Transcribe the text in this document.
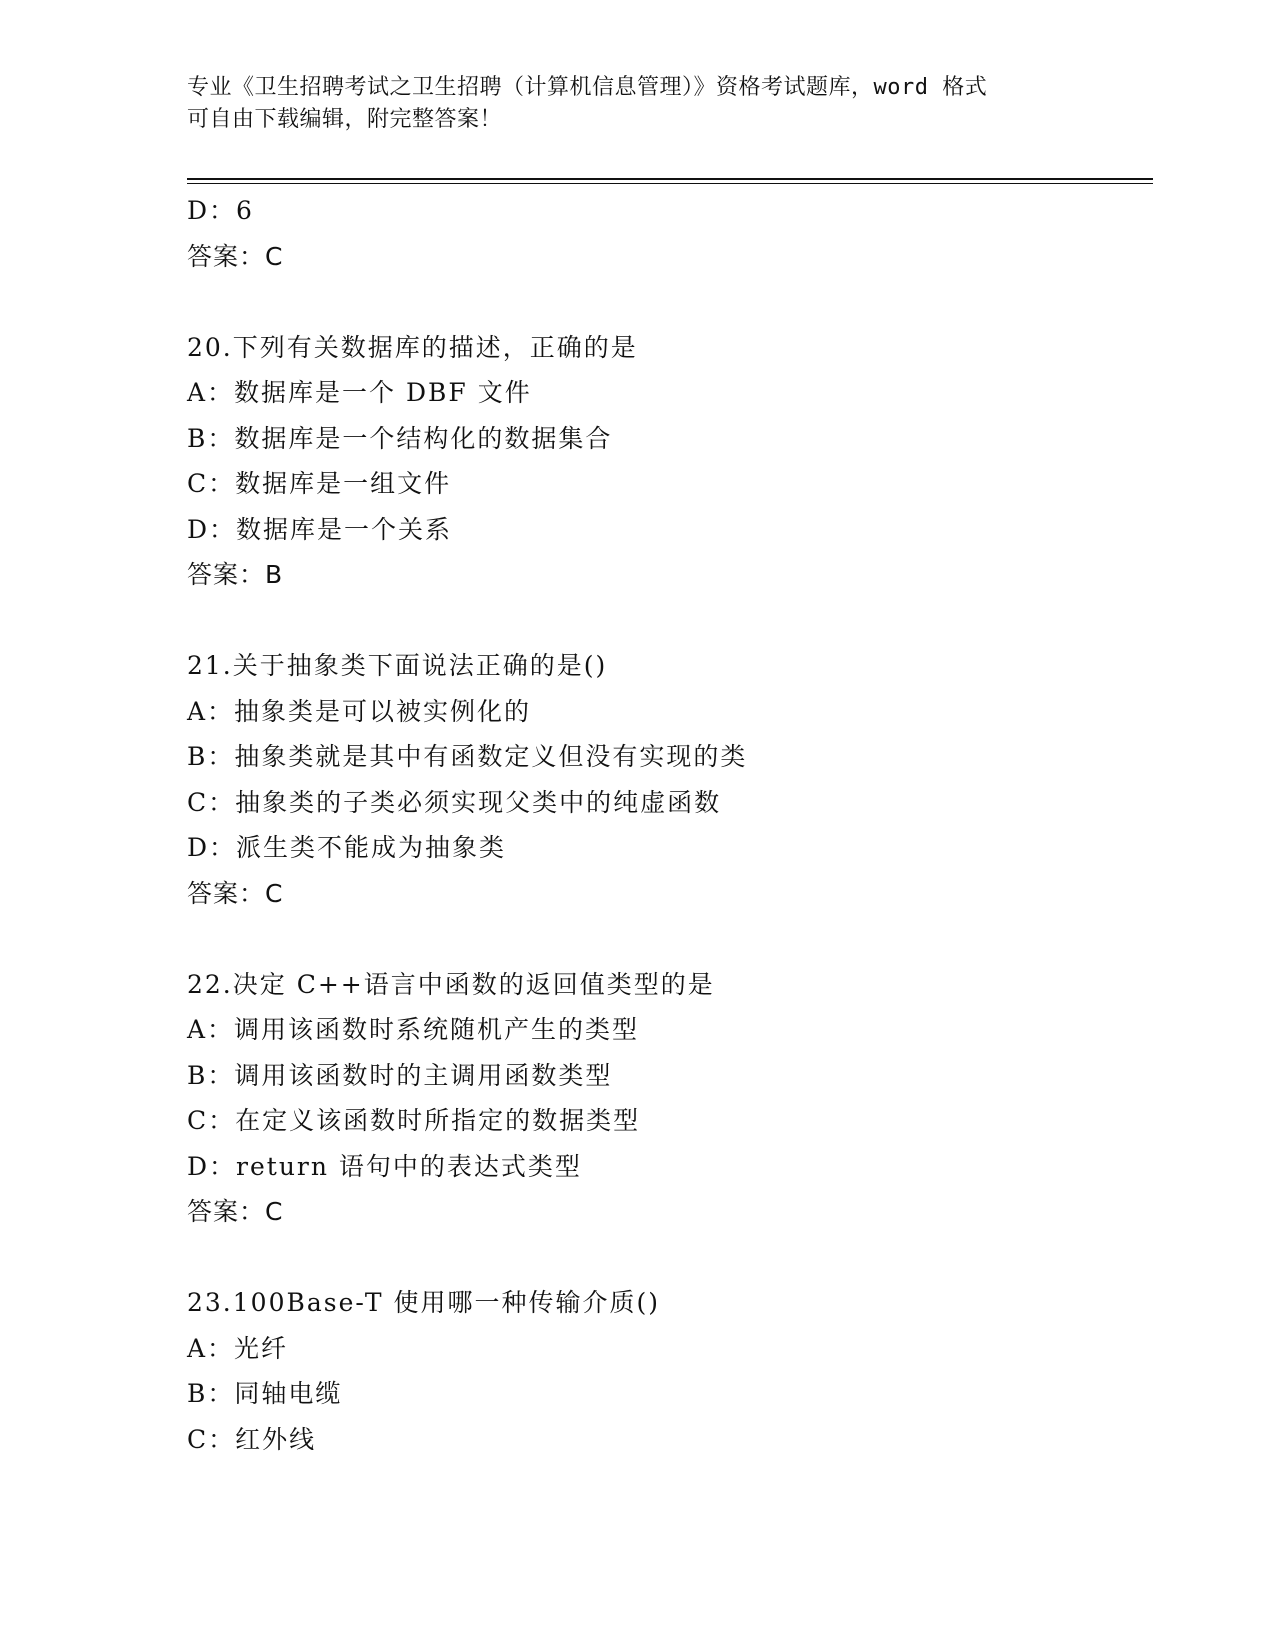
专业《卫生招聘考试之卫生招聘（计算机信息管理）》资格考试题库，word 格式
可自由下载编辑，附完整答案！
D：6
答案：C
20.下列有关数据库的描述，正确的是
A：数据库是一个 DBF 文件
B：数据库是一个结构化的数据集合
C：数据库是一组文件
D：数据库是一个关系
答案：B
21.关于抽象类下面说法正确的是()
A：抽象类是可以被实例化的
B：抽象类就是其中有函数定义但没有实现的类
C：抽象类的子类必须实现父类中的纯虚函数
D：派生类不能成为抽象类
答案：C
22.决定 C++语言中函数的返回值类型的是
A：调用该函数时系统随机产生的类型
B：调用该函数时的主调用函数类型
C：在定义该函数时所指定的数据类型
D：return 语句中的表达式类型
答案：C
23.100Base-T 使用哪一种传输介质()
A：光纤
B：同轴电缆
C：红外线
